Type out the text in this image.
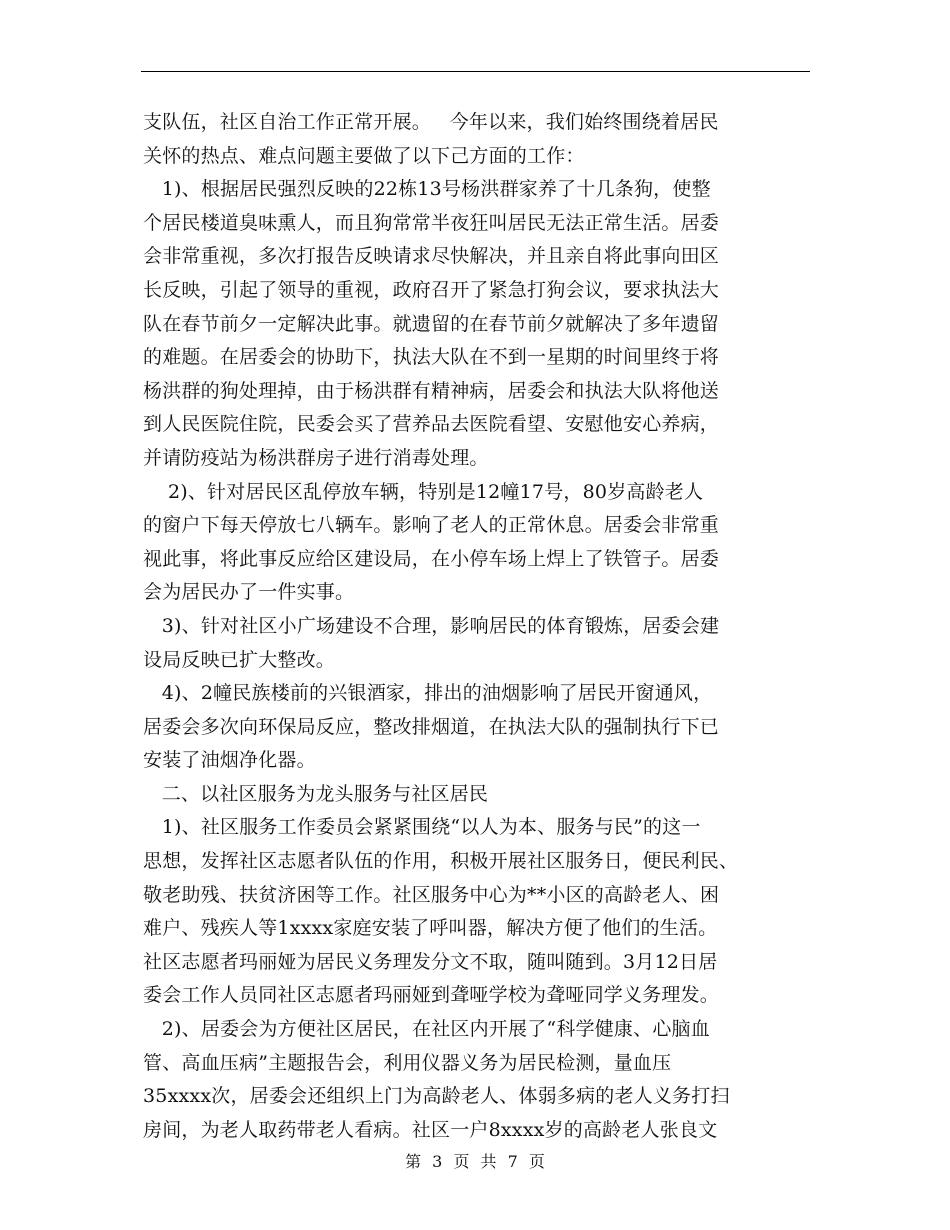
支队伍，社区自治工作正常开展。   今年以来，我们始终围绕着居民
关怀的热点、难点问题主要做了以下己方面的工作：
1)、根据居民强烈反映的22栋13号杨洪群家养了十几条狗，使整
个居民楼道臭味熏人，而且狗常常半夜狂叫居民无法正常生活。居委
会非常重视，多次打报告反映请求尽快解决，并且亲自将此事向田区
长反映，引起了领导的重视，政府召开了紧急打狗会议，要求执法大
队在春节前夕一定解决此事。就遗留的在春节前夕就解决了多年遗留
的难题。在居委会的协助下，执法大队在不到一星期的时间里终于将
杨洪群的狗处理掉，由于杨洪群有精神病，居委会和执法大队将他送
到人民医院住院，民委会买了营养品去医院看望、安慰他安心养病，
并请防疫站为杨洪群房子进行消毒处理。
2)、针对居民区乱停放车辆，特别是12幢17号，80岁高龄老人
的窗户下每天停放七八辆车。影响了老人的正常休息。居委会非常重
视此事，将此事反应给区建设局，在小停车场上焊上了铁管子。居委
会为居民办了一件实事。
3)、针对社区小广场建设不合理，影响居民的体育锻炼，居委会建
设局反映已扩大整改。
4)、2幢民族楼前的兴银酒家，排出的油烟影响了居民开窗通风，
居委会多次向环保局反应，整改排烟道，在执法大队的强制执行下已
安装了油烟净化器。
二、以社区服务为龙头服务与社区居民
1)、社区服务工作委员会紧紧围绕“以人为本、服务与民”的这一
思想，发挥社区志愿者队伍的作用，积极开展社区服务日，便民利民、
敬老助残、扶贫济困等工作。社区服务中心为**小区的高龄老人、困
难户、残疾人等1xxxx家庭安装了呼叫器，解决方便了他们的生活。
社区志愿者玛丽娅为居民义务理发分文不取，随叫随到。3月12日居
委会工作人员同社区志愿者玛丽娅到聋哑学校为聋哑同学义务理发。
2)、居委会为方便社区居民，在社区内开展了“科学健康、心脑血
管、高血压病”主题报告会，利用仪器义务为居民检测，量血压
35xxxx次，居委会还组织上门为高龄老人、体弱多病的老人义务打扫
房间，为老人取药带老人看病。社区一户8xxxx岁的高龄老人张良文
第 3 页 共 7 页
